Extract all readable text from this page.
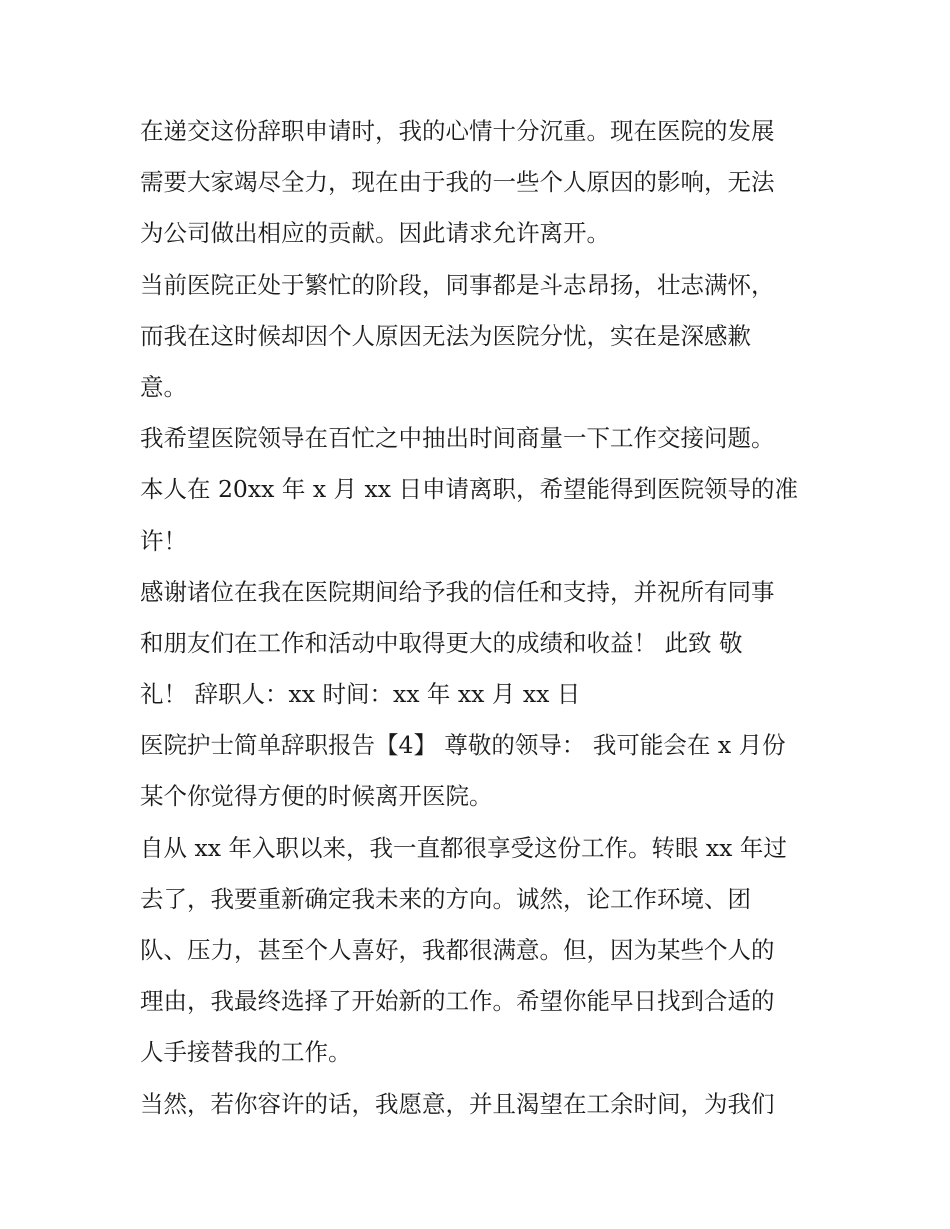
在递交这份辞职申请时，我的心情十分沉重。现在医院的发展
需要大家竭尽全力，现在由于我的一些个人原因的影响，无法
为公司做出相应的贡献。因此请求允许离开。
当前医院正处于繁忙的阶段，同事都是斗志昂扬，壮志满怀，
而我在这时候却因个人原因无法为医院分忧，实在是深感歉
意。
我希望医院领导在百忙之中抽出时间商量一下工作交接问题。
本人在 20xx 年 x 月 xx 日申请离职，希望能得到医院领导的准
许！
感谢诸位在我在医院期间给予我的信任和支持，并祝所有同事
和朋友们在工作和活动中取得更大的成绩和收益！ 此致 敬
礼！ 辞职人：xx 时间：xx 年 xx 月 xx 日
医院护士简单辞职报告【4】 尊敬的领导： 我可能会在 x 月份
某个你觉得方便的时候离开医院。
自从 xx 年入职以来，我一直都很享受这份工作。转眼 xx 年过
去了，我要重新确定我未来的方向。诚然，论工作环境、团
队、压力，甚至个人喜好，我都很满意。但，因为某些个人的
理由，我最终选择了开始新的工作。希望你能早日找到合适的
人手接替我的工作。
当然，若你容许的话，我愿意，并且渴望在工余时间，为我们
